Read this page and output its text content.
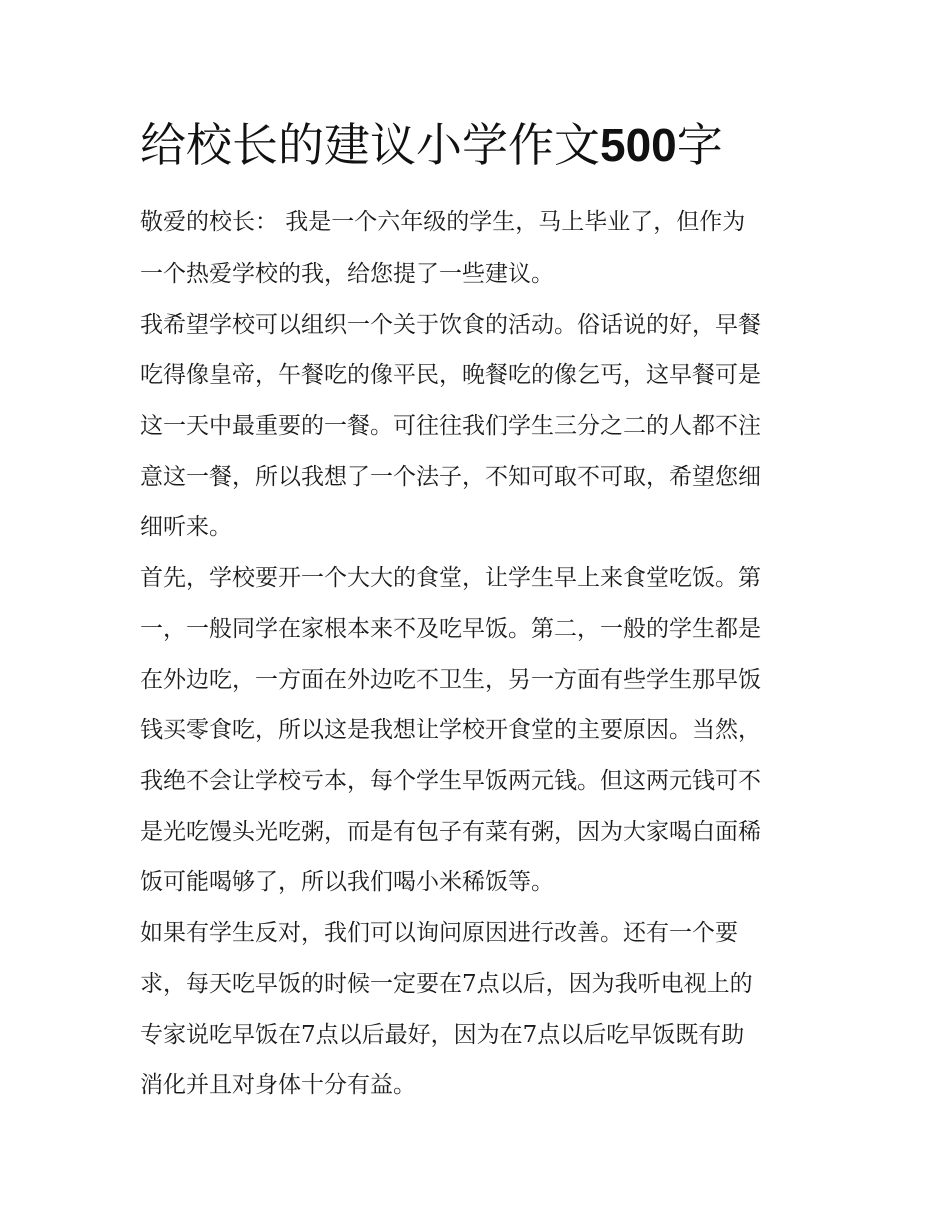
给校长的建议小学作文500字

敬爱的校长： 我是一个六年级的学生，马上毕业了，但作为

一个热爱学校的我，给您提了一些建议。

我希望学校可以组织一个关于饮食的活动。俗话说的好，早餐

吃得像皇帝，午餐吃的像平民，晚餐吃的像乞丐，这早餐可是

这一天中最重要的一餐。可往往我们学生三分之二的人都不注

意这一餐，所以我想了一个法子，不知可取不可取，希望您细

细听来。

首先，学校要开一个大大的食堂，让学生早上来食堂吃饭。第

一，一般同学在家根本来不及吃早饭。第二，一般的学生都是

在外边吃，一方面在外边吃不卫生，另一方面有些学生那早饭

钱买零食吃，所以这是我想让学校开食堂的主要原因。当然，

我绝不会让学校亏本，每个学生早饭两元钱。但这两元钱可不

是光吃馒头光吃粥，而是有包子有菜有粥，因为大家喝白面稀

饭可能喝够了，所以我们喝小米稀饭等。

如果有学生反对，我们可以询问原因进行改善。还有一个要

求，每天吃早饭的时候一定要在7点以后，因为我听电视上的

专家说吃早饭在7点以后最好，因为在7点以后吃早饭既有助

消化并且对身体十分有益。
